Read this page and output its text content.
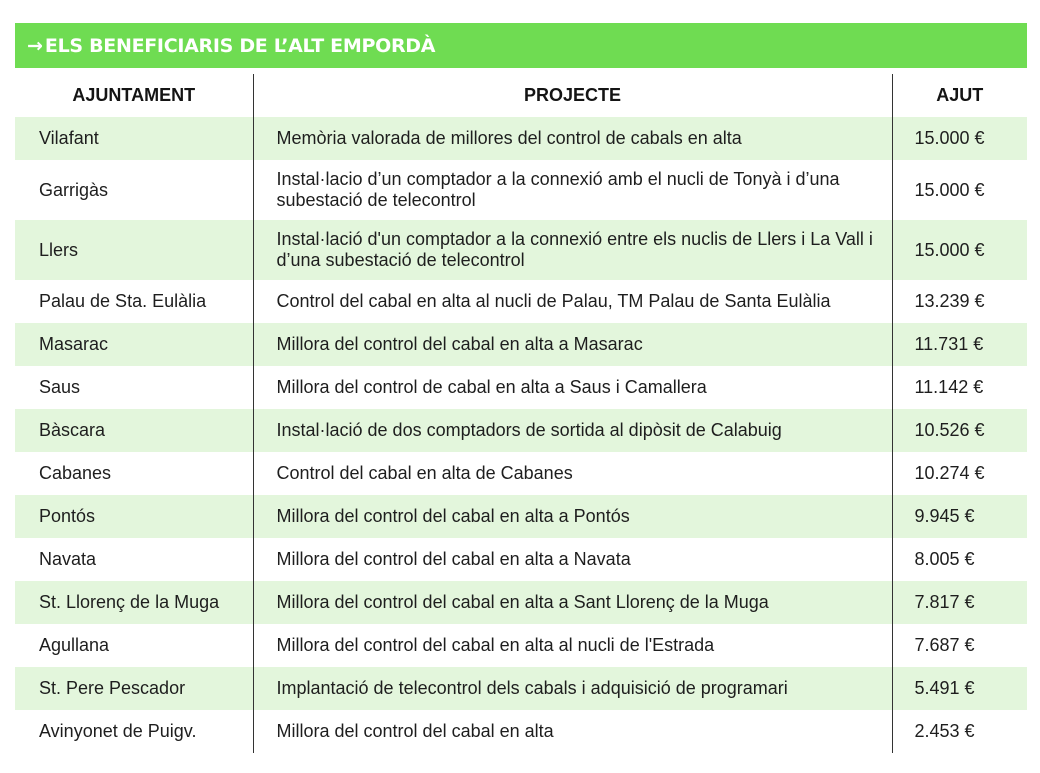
→ ELS BENEFICIARIS DE L’ALT EMPORDÀ
AJUNTAMENT	PROJECTE	AJUT
Vilafant	Memòria valorada de millores del control de cabals en alta	15.000 €
Garrigàs	Instal·lacio d’un comptador a la connexió amb el nucli de Tonyà i d’una subestació de telecontrol	15.000 €
Llers	Instal·lació d'un comptador a la connexió entre els nuclis de Llers i La Vall i d’una subestació de telecontrol	15.000 €
Palau de Sta. Eulàlia	Control del cabal en alta al nucli de Palau, TM Palau de Santa Eulàlia	13.239 €
Masarac	Millora del control del cabal en alta a Masarac	11.731 €
Saus	Millora del control de cabal en alta a Saus i Camallera	11.142 €
Bàscara	Instal·lació de dos comptadors de sortida al dipòsit de Calabuig	10.526 €
Cabanes	Control del cabal en alta de Cabanes	10.274 €
Pontós	Millora del control del cabal en alta a Pontós	9.945 €
Navata	Millora del control del cabal en alta a Navata	8.005 €
St. Llorenç de la Muga	Millora del control del cabal en alta a Sant Llorenç de la Muga	7.817 €
Agullana	Millora del control del cabal en alta al nucli de l'Estrada	7.687 €
St. Pere Pescador	Implantació de telecontrol dels cabals i adquisició de programari	5.491 €
Avinyonet de Puigv.	Millora del control del cabal en alta	2.453 €
